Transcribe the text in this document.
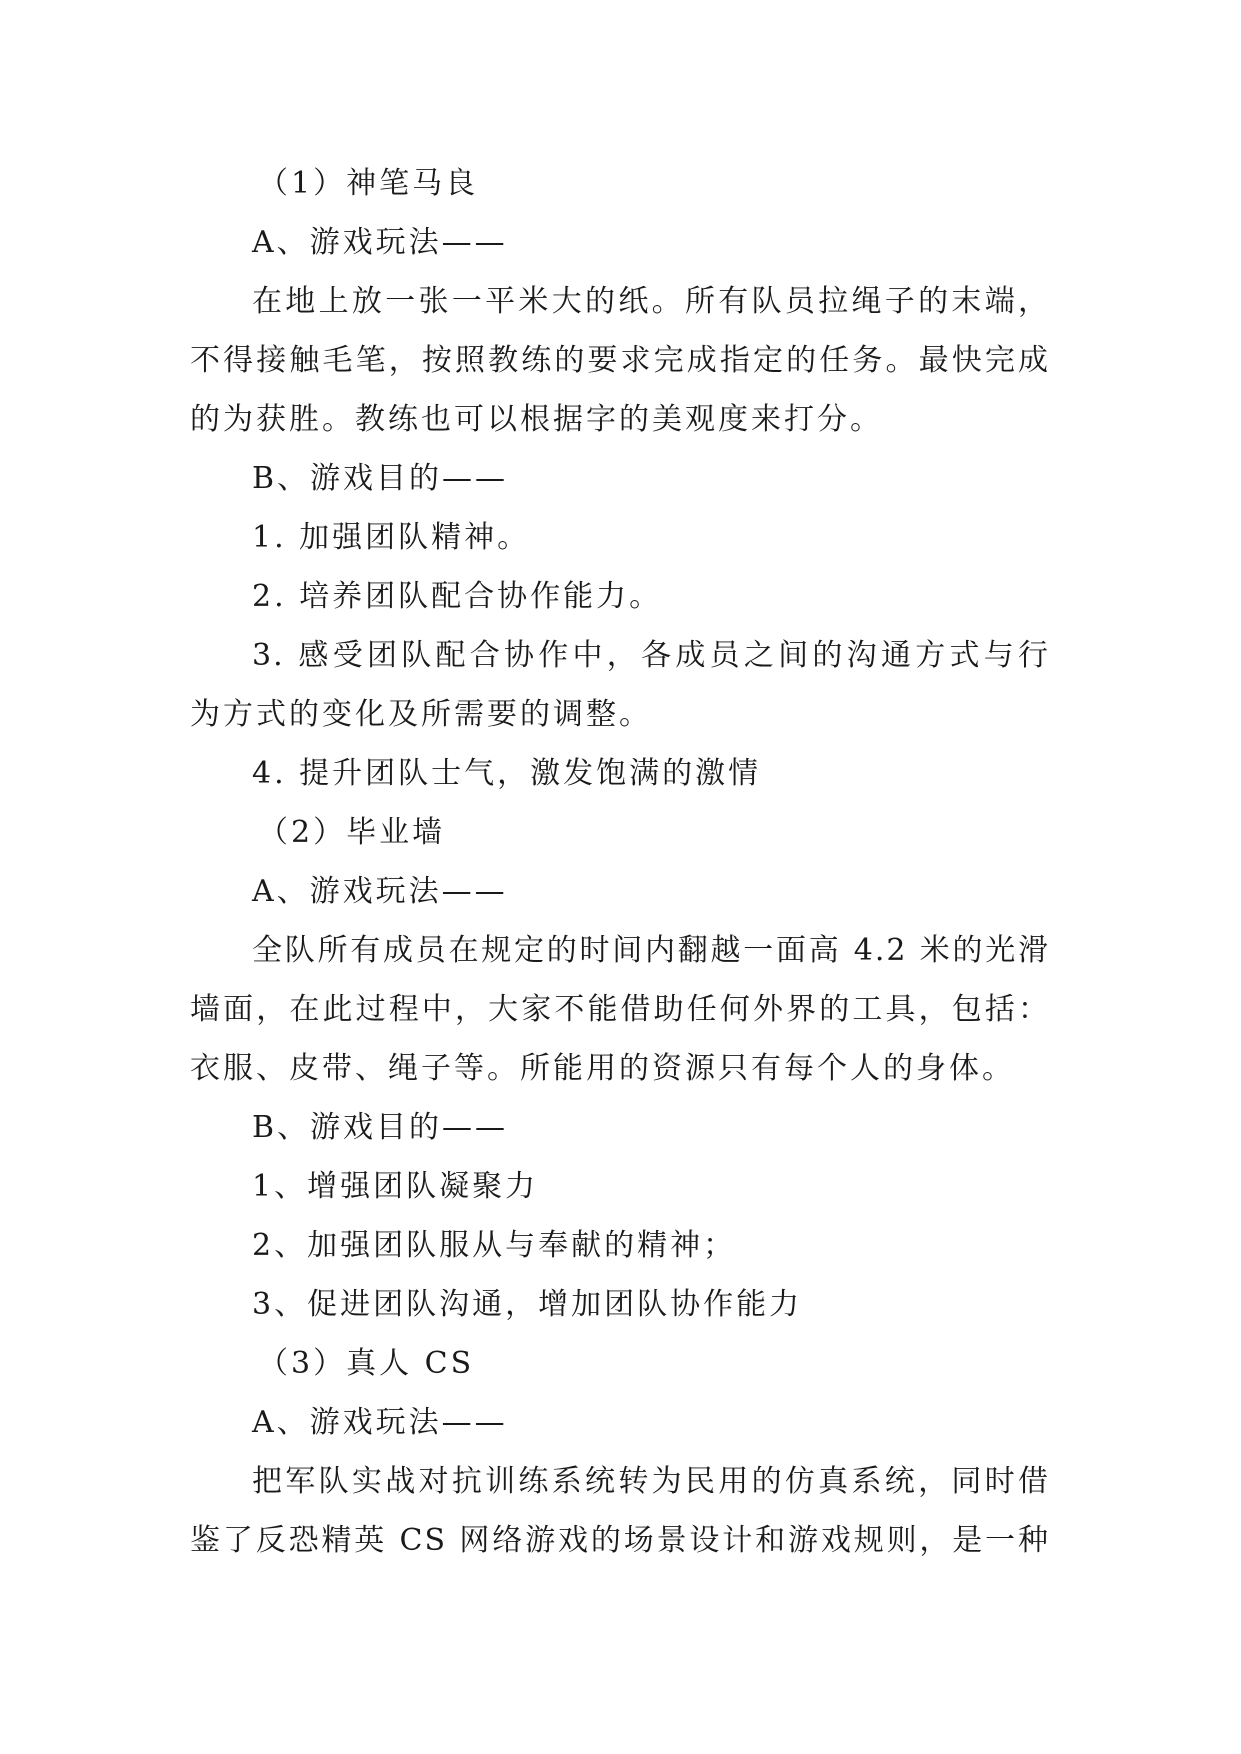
（1）神笔马良
A、游戏玩法——
在地上放一张一平米大的纸。所有队员拉绳子的末端，
不得接触毛笔，按照教练的要求完成指定的任务。最快完成
的为获胜。教练也可以根据字的美观度来打分。
B、游戏目的——
1. 加强团队精神。
2. 培养团队配合协作能力。
3. 感受团队配合协作中，各成员之间的沟通方式与行
为方式的变化及所需要的调整。
4. 提升团队士气，激发饱满的激情
（2）毕业墙
A、游戏玩法——
全队所有成员在规定的时间内翻越一面高 4.2 米的光滑
墙面，在此过程中，大家不能借助任何外界的工具，包括：
衣服、皮带、绳子等。所能用的资源只有每个人的身体。
B、游戏目的——
1、增强团队凝聚力
2、加强团队服从与奉献的精神；
3、促进团队沟通，增加团队协作能力
（3）真人 CS
A、游戏玩法——
把军队实战对抗训练系统转为民用的仿真系统，同时借
鉴了反恐精英 CS 网络游戏的场景设计和游戏规则，是一种
